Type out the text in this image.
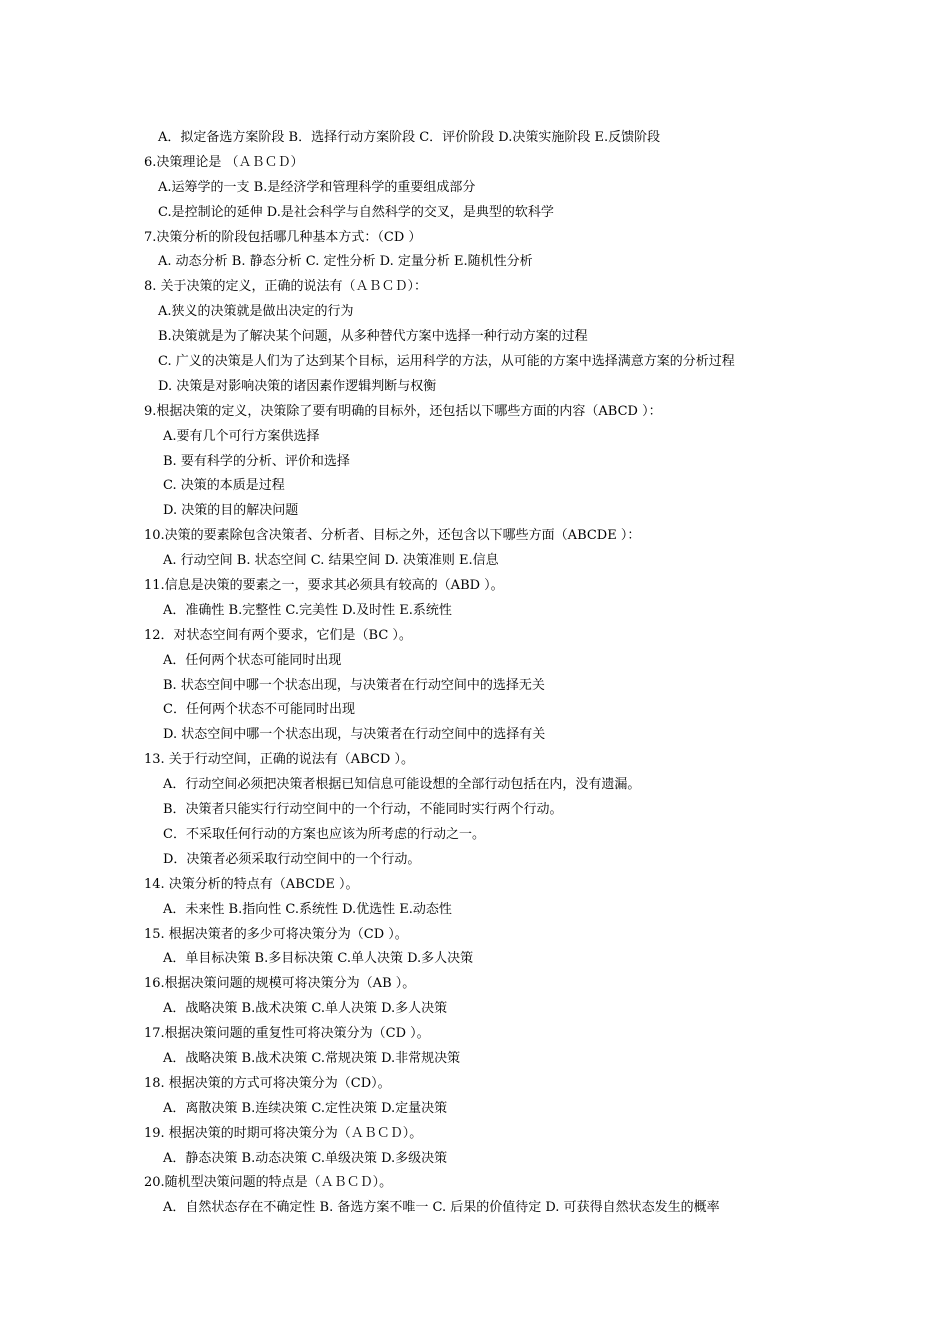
A．拟定备选方案阶段 B．选择行动方案阶段 C．评价阶段 D.决策实施阶段 E.反馈阶段
6.决策理论是 （ＡＢＣＤ）
A.运筹学的一支 B.是经济学和管理科学的重要组成部分
C.是控制论的延伸 D.是社会科学与自然科学的交叉，是典型的软科学
7.决策分析的阶段包括哪几种基本方式：（CD ）
A. 动态分析 B. 静态分析 C. 定性分析 D. 定量分析 E.随机性分析
8. 关于决策的定义，正确的说法有（ＡＢＣＤ）：
A.狭义的决策就是做出决定的行为
B.决策就是为了解决某个问题，从多种替代方案中选择一种行动方案的过程
C. 广义的决策是人们为了达到某个目标，运用科学的方法，从可能的方案中选择满意方案的分析过程
D. 决策是对影响决策的诸因素作逻辑判断与权衡
9.根据决策的定义，决策除了要有明确的目标外，还包括以下哪些方面的内容（ABCD ）：
A.要有几个可行方案供选择
B. 要有科学的分析、评价和选择
C. 决策的本质是过程
D. 决策的目的解决问题
10.决策的要素除包含决策者、分析者、目标之外，还包含以下哪些方面（ABCDE ）：
A. 行动空间 B. 状态空间 C. 结果空间 D. 决策准则 E.信息
11.信息是决策的要素之一，要求其必须具有较高的（ABD ）。
A．准确性 B.完整性 C.完美性 D.及时性 E.系统性
12．对状态空间有两个要求，它们是（BC ）。
A．任何两个状态可能同时出现
B. 状态空间中哪一个状态出现，与决策者在行动空间中的选择无关
C．任何两个状态不可能同时出现
D. 状态空间中哪一个状态出现，与决策者在行动空间中的选择有关
13. 关于行动空间，正确的说法有（ABCD ）。
A．行动空间必须把决策者根据已知信息可能设想的全部行动包括在内，没有遗漏。
B．决策者只能实行行动空间中的一个行动，不能同时实行两个行动。
C．不采取任何行动的方案也应该为所考虑的行动之一。
D．决策者必须采取行动空间中的一个行动。
14. 决策分析的特点有（ABCDE ）。
A．未来性 B.指向性 C.系统性 D.优选性 E.动态性
15. 根据决策者的多少可将决策分为（CD ）。
A．单目标决策 B.多目标决策 C.单人决策 D.多人决策
16.根据决策问题的规模可将决策分为（AB ）。
A．战略决策 B.战术决策 C.单人决策 D.多人决策
17.根据决策问题的重复性可将决策分为（CD ）。
A．战略决策 B.战术决策 C.常规决策 D.非常规决策
18. 根据决策的方式可将决策分为（CD）。
A．离散决策 B.连续决策 C.定性决策 D.定量决策
19. 根据决策的时期可将决策分为（ＡＢＣＤ）。
A．静态决策 B.动态决策 C.单级决策 D.多级决策
20.随机型决策问题的特点是（ＡＢＣＤ）。
A．自然状态存在不确定性 B. 备选方案不唯一 C. 后果的价值待定 D. 可获得自然状态发生的概率
